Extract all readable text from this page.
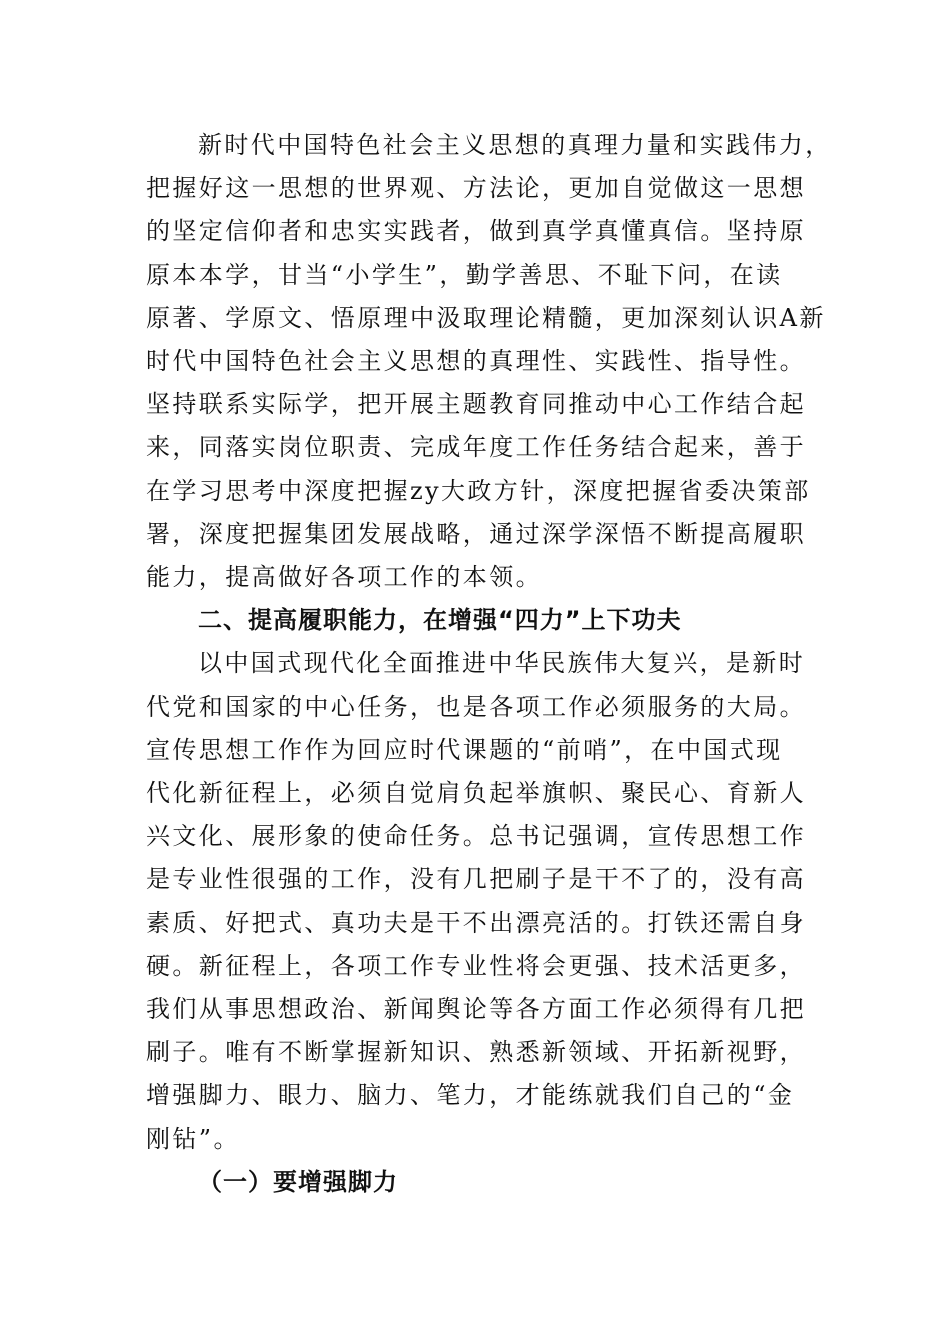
新时代中国特色社会主义思想的真理力量和实践伟力，
把握好这一思想的世界观、方法论，更加自觉做这一思想
的坚定信仰者和忠实实践者，做到真学真懂真信。坚持原
原本本学，甘当“小学生”，勤学善思、不耻下问，在读
原著、学原文、悟原理中汲取理论精髓，更加深刻认识A新
时代中国特色社会主义思想的真理性、实践性、指导性。
坚持联系实际学，把开展主题教育同推动中心工作结合起
来，同落实岗位职责、完成年度工作任务结合起来，善于
在学习思考中深度把握zy大政方针，深度把握省委决策部
署，深度把握集团发展战略，通过深学深悟不断提高履职
能力，提高做好各项工作的本领。

二、提高履职能力，在增强“四力”上下功夫

以中国式现代化全面推进中华民族伟大复兴，是新时
代党和国家的中心任务，也是各项工作必须服务的大局。
宣传思想工作作为回应时代课题的“前哨”，在中国式现
代化新征程上，必须自觉肩负起举旗帜、聚民心、育新人
兴文化、展形象的使命任务。总书记强调，宣传思想工作
是专业性很强的工作，没有几把刷子是干不了的，没有高
素质、好把式、真功夫是干不出漂亮活的。打铁还需自身
硬。新征程上，各项工作专业性将会更强、技术活更多，
我们从事思想政治、新闻舆论等各方面工作必须得有几把
刷子。唯有不断掌握新知识、熟悉新领域、开拓新视野，
增强脚力、眼力、脑力、笔力，才能练就我们自己的“金
刚钻”。

（一）要增强脚力
